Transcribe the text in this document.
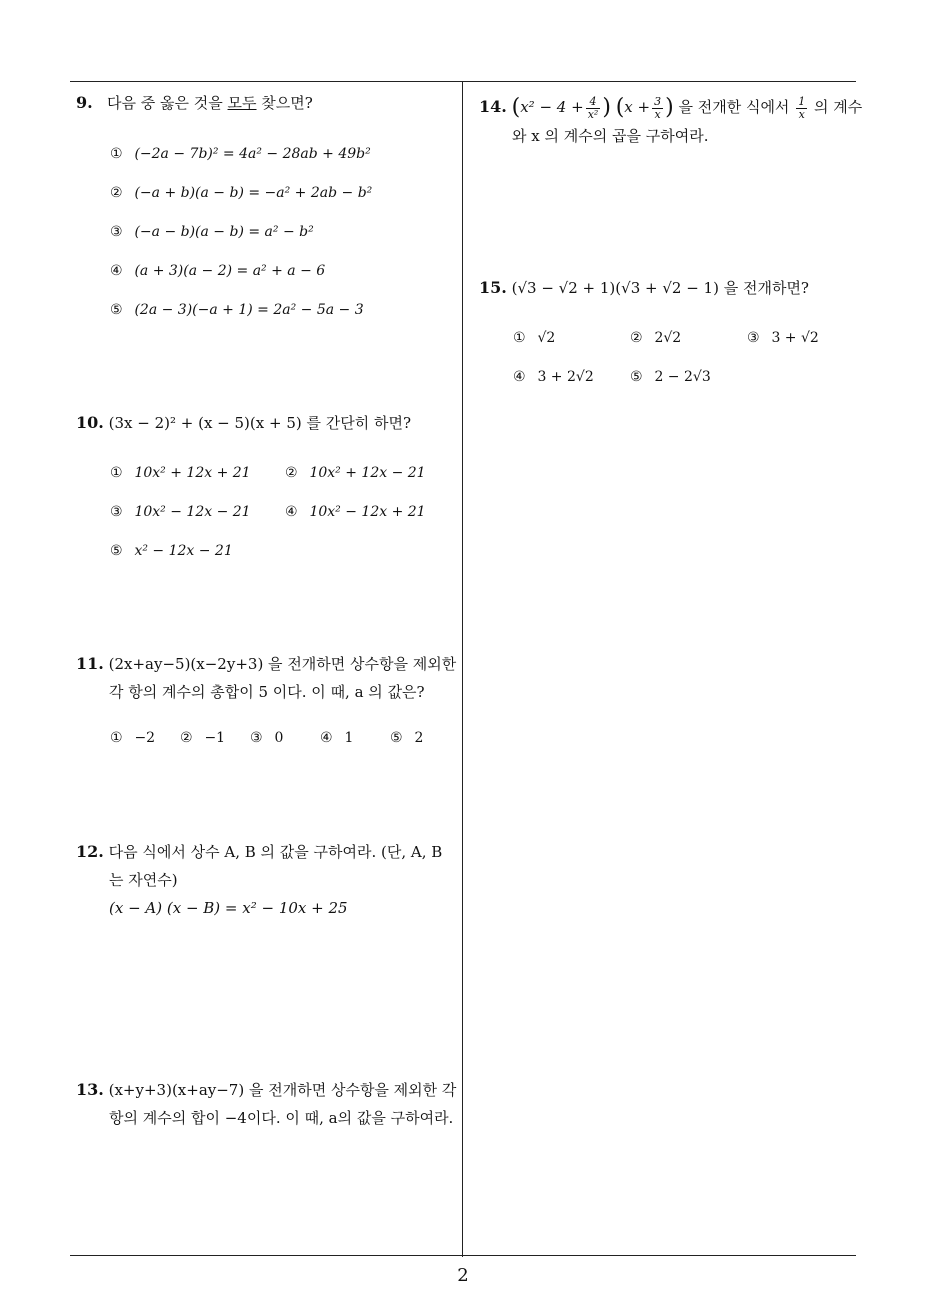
2
9. 다음 중 옳은 것을 모두 찾으면?
① (−2a − 7b)² = 4a² − 28ab + 49b²
② (−a + b)(a − b) = −a² + 2ab − b²
③ (−a − b)(a − b) = a² − b²
④ (a + 3)(a − 2) = a² + a − 6
⑤ (2a − 3)(−a + 1) = 2a² − 5a − 3
10. (3x − 2)² + (x − 5)(x + 5) 를 간단히 하면?
① 10x² + 12x + 21 ② 10x² + 12x − 21
③ 10x² − 12x − 21 ④ 10x² − 12x + 21
⑤ x² − 12x − 21
11. (2x+ay−5)(x−2y+3) 을 전개하면 상수항을 제외한
각 항의 계수의 총합이 5 이다. 이 때, a 의 값은?
① −2 ② −1 ③ 0	④ 1	⑤ 2
12. 다음 식에서 상수 A, B 의 값을 구하여라. (단, A, B
는 자연수)
(x − A) (x − B) = x² − 10x + 25
13. (x+y+3)(x+ay−7) 을 전개하면 상수항을 제외한 각
항의 계수의 합이 −4이다. 이 때, a의 값을 구하여라.
14. ($x^2 - 4 + \frac{4}{\text{x²}}$ ) ($x + \frac{3}{x}$ ) 을 전개한 식에서 $\frac{1}{x}$ 의 계수
와 x 의 계수의 곱을 구하여라.
15. (√3 − √2 + 1)(√3 + √2 − 1) 을 전개하면?
① √2	② 2√2	③ 3 + √2
④ 3 + 2√2	⑤ 2 − 2√3
